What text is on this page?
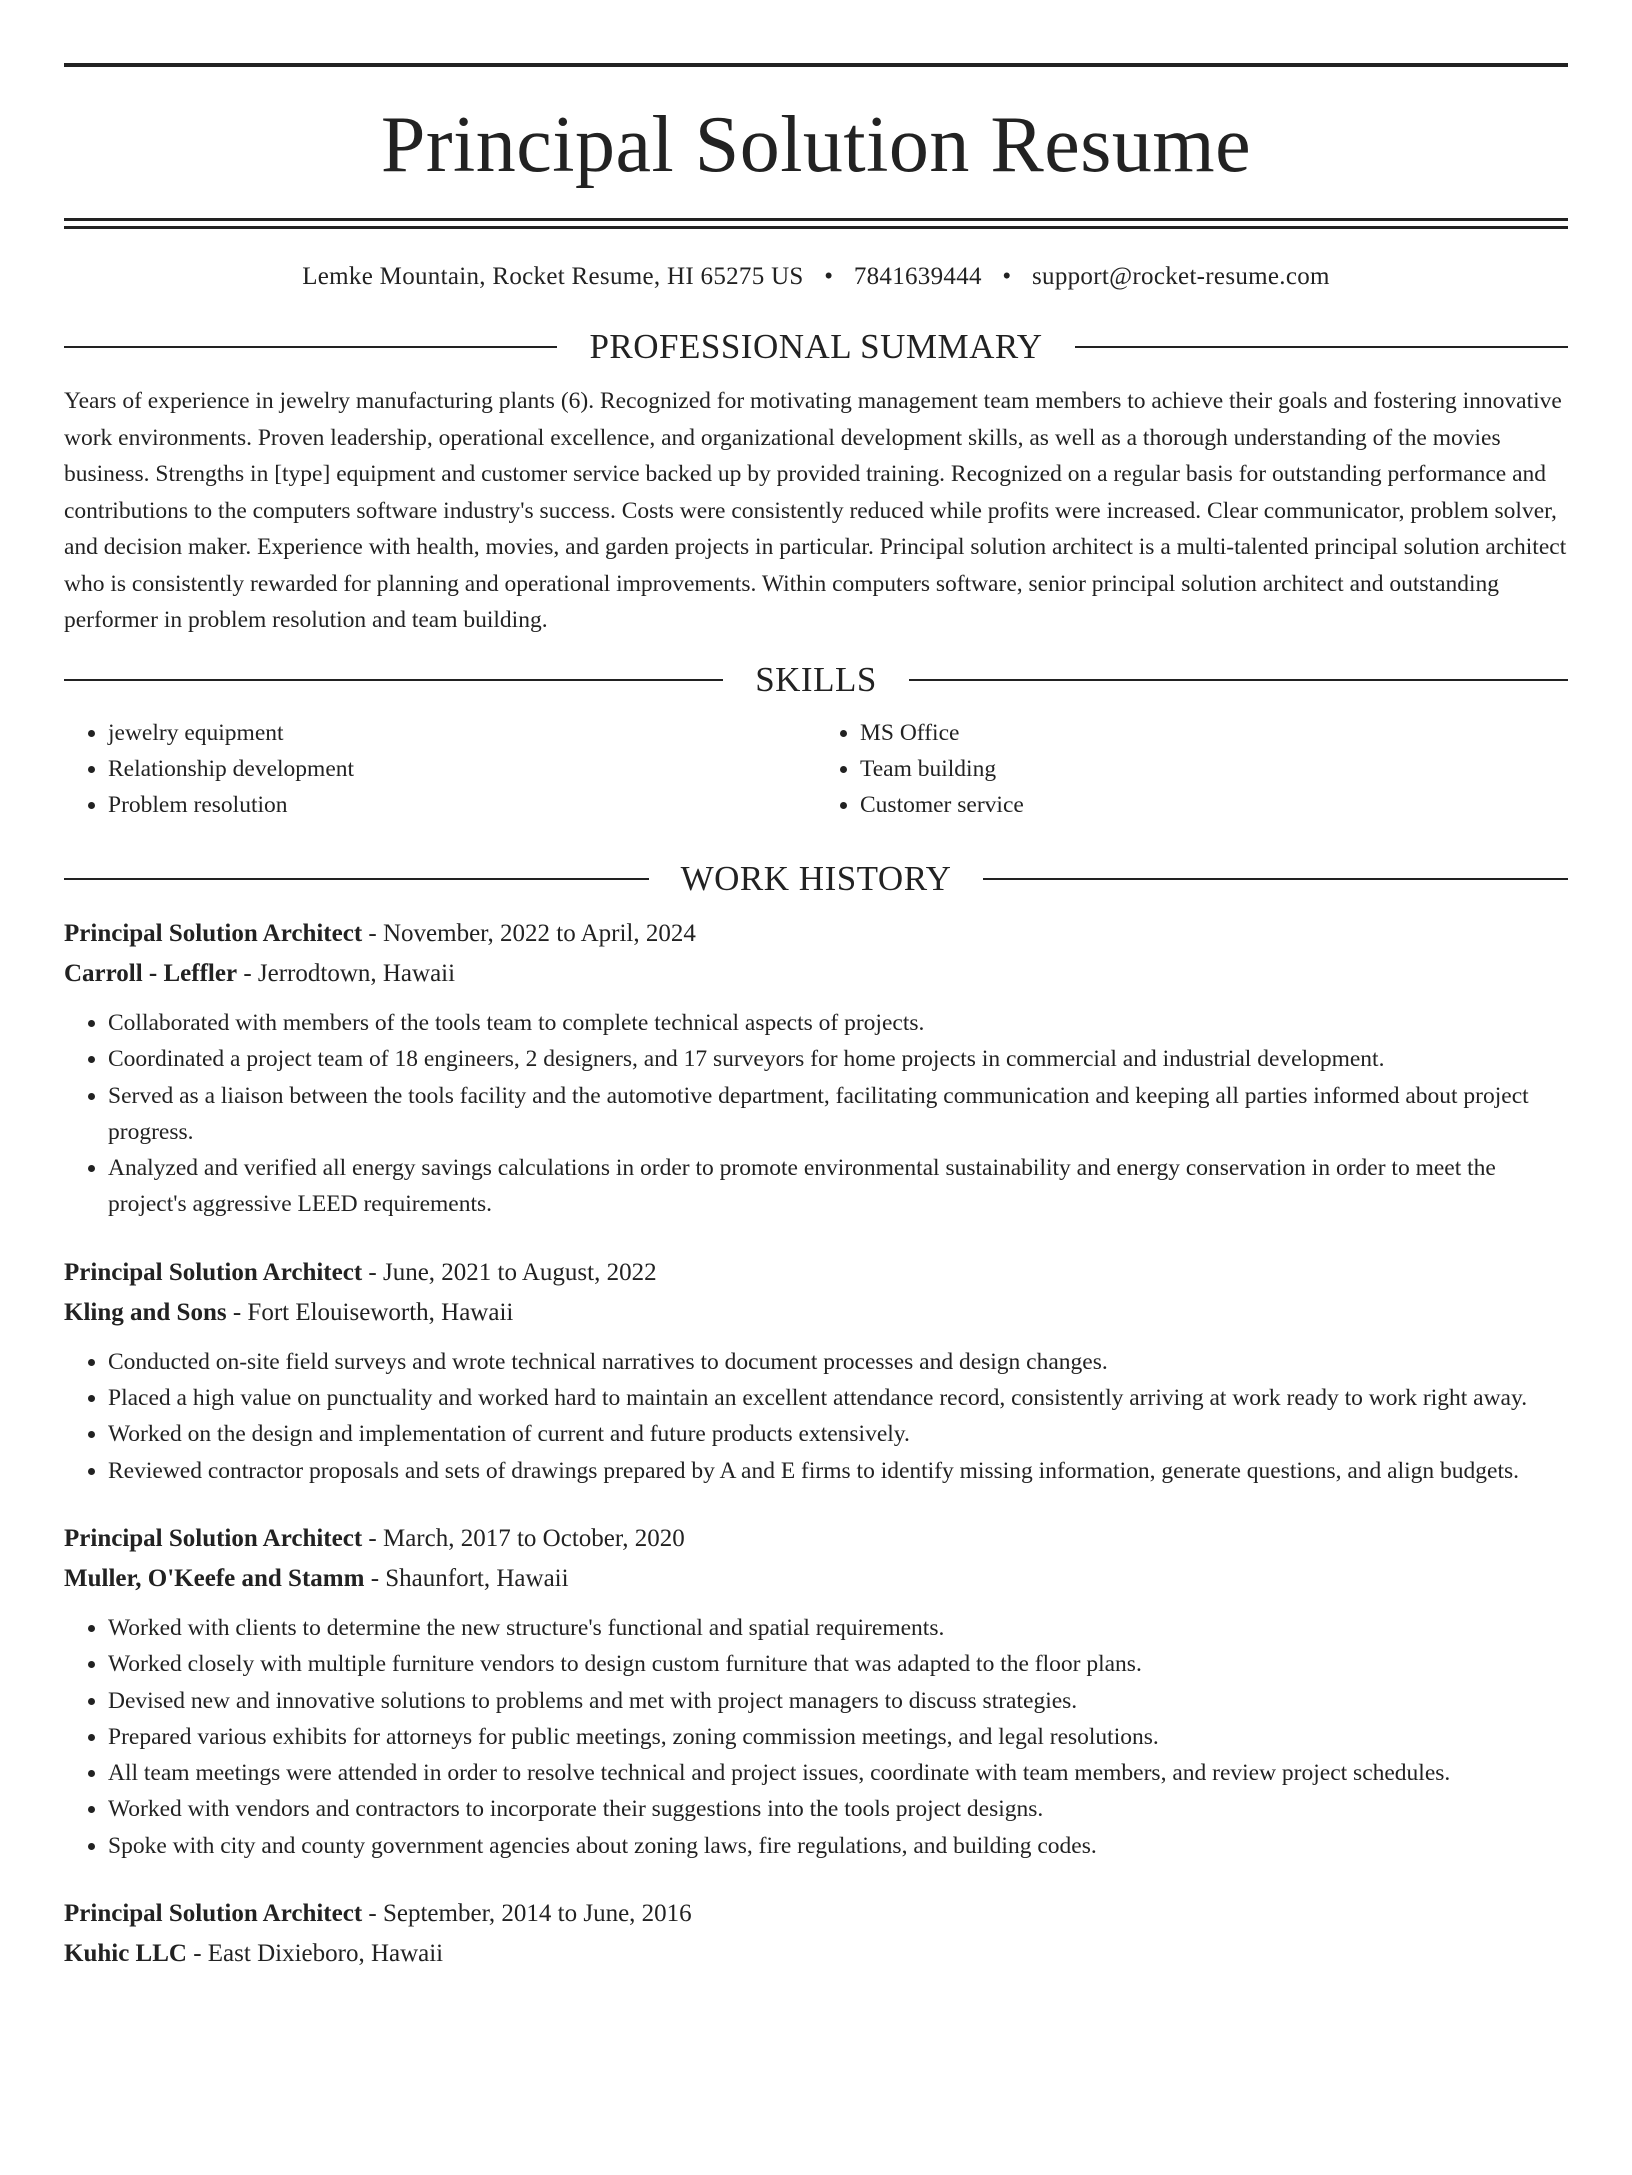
Principal Solution Resume
Lemke Mountain, Rocket Resume, HI 65275 US • 7841639444 • support@rocket-resume.com
PROFESSIONAL SUMMARY

Years of experience in jewelry manufacturing plants (6). Recognized for motivating management team members to achieve their goals and fostering innovative work environments. Proven leadership, operational excellence, and organizational development skills, as well as a thorough understanding of the movies business. Strengths in [type] equipment and customer service backed up by provided training. Recognized on a regular basis for outstanding performance and contributions to the computers software industry's success. Costs were consistently reduced while profits were increased. Clear communicator, problem solver, and decision maker. Experience with health, movies, and garden projects in particular. Principal solution architect is a multi-talented principal solution architect who is consistently rewarded for planning and operational improvements. Within computers software, senior principal solution architect and outstanding performer in problem resolution and team building.

SKILLS
• jewelry equipment
• Relationship development
• Problem resolution
• MS Office
• Team building
• Customer service
WORK HISTORY
Principal Solution Architect - November, 2022 to April, 2024
Carroll - Leffler - Jerrodtown, Hawaii
• Collaborated with members of the tools team to complete technical aspects of projects.
• Coordinated a project team of 18 engineers, 2 designers, and 17 surveyors for home projects in commercial and industrial development.
• Served as a liaison between the tools facility and the automotive department, facilitating communication and keeping all parties informed about project progress.
• Analyzed and verified all energy savings calculations in order to promote environmental sustainability and energy conservation in order to meet the project's aggressive LEED requirements.
Principal Solution Architect - June, 2021 to August, 2022
Kling and Sons - Fort Elouiseworth, Hawaii
• Conducted on-site field surveys and wrote technical narratives to document processes and design changes.
• Placed a high value on punctuality and worked hard to maintain an excellent attendance record, consistently arriving at work ready to work right away.
• Worked on the design and implementation of current and future products extensively.
• Reviewed contractor proposals and sets of drawings prepared by A and E firms to identify missing information, generate questions, and align budgets.
Principal Solution Architect - March, 2017 to October, 2020
Muller, O'Keefe and Stamm - Shaunfort, Hawaii
• Worked with clients to determine the new structure's functional and spatial requirements.
• Worked closely with multiple furniture vendors to design custom furniture that was adapted to the floor plans.
• Devised new and innovative solutions to problems and met with project managers to discuss strategies.
• Prepared various exhibits for attorneys for public meetings, zoning commission meetings, and legal resolutions.
• All team meetings were attended in order to resolve technical and project issues, coordinate with team members, and review project schedules.
• Worked with vendors and contractors to incorporate their suggestions into the tools project designs.
• Spoke with city and county government agencies about zoning laws, fire regulations, and building codes.
Principal Solution Architect - September, 2014 to June, 2016
Kuhic LLC - East Dixieboro, Hawaii
